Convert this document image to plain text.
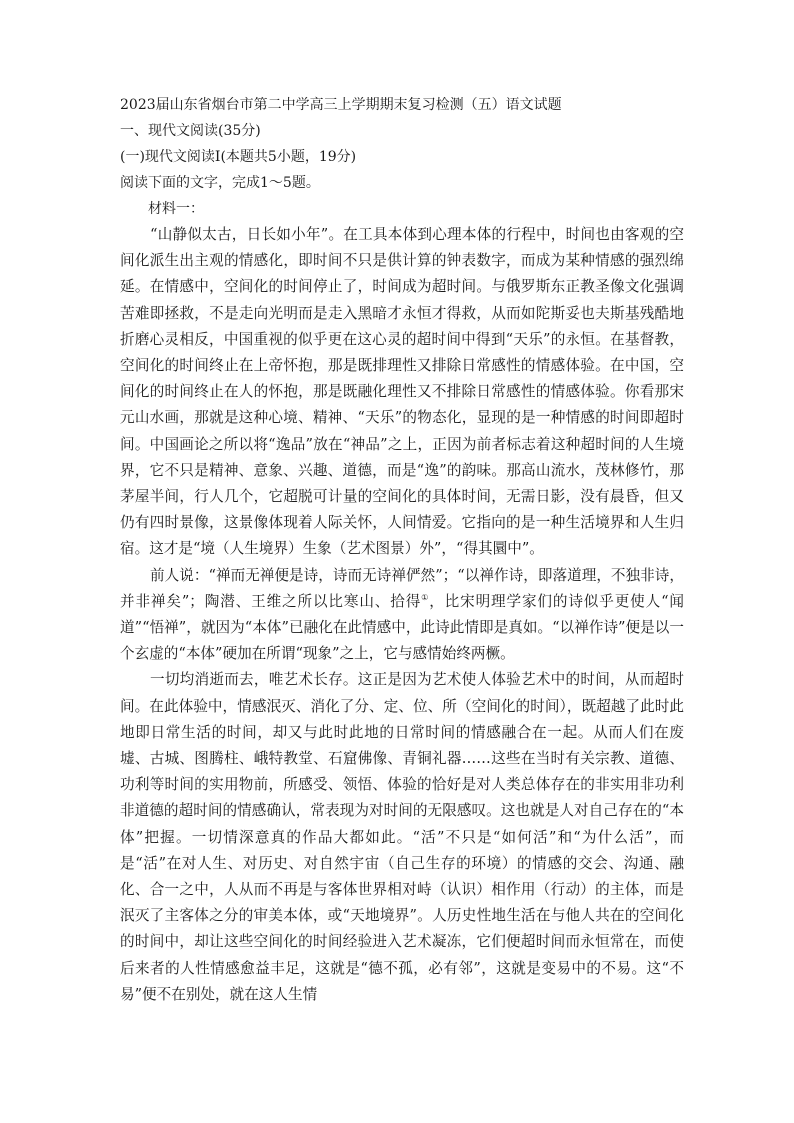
2023届山东省烟台市第二中学高三上学期期末复习检测（五）语文试题

一、现代文阅读(35分)

(一)现代文阅读Ⅰ(本题共5小题，19分)

阅读下面的文字，完成1～5题。

材料一：

“山静似太古，日长如小年”。在工具本体到心理本体的行程中，时间也由客观的空间化派生出主观的情感化，即时间不只是供计算的钟表数字，而成为某种情感的强烈绵延。在情感中，空间化的时间停止了，时间成为超时间。与俄罗斯东正教圣像文化强调苦难即拯救，不是走向光明而是走入黑暗才永恒才得救，从而如陀斯妥也夫斯基残酷地折磨心灵相反，中国重视的似乎更在这心灵的超时间中得到“天乐”的永恒。在基督教，空间化的时间终止在上帝怀抱，那是既排理性又排除日常感性的情感体验。在中国，空间化的时间终止在人的怀抱，那是既融化理性又不排除日常感性的情感体验。你看那宋元山水画，那就是这种心境、精神、“天乐”的物态化，显现的是一种情感的时间即超时间。中国画论之所以将“逸品”放在“神品”之上，正因为前者标志着这种超时间的人生境界，它不只是精神、意象、兴趣、道德，而是“逸”的韵味。那高山流水，茂林修竹，那茅屋半间，行人几个，它超脱可计量的空间化的具体时间，无需日影，没有晨昏，但又仍有四时景像，这景像体现着人际关怀，人间情爱。它指向的是一种生活境界和人生归宿。这才是“境（人生境界）生象（艺术图景）外”，“得其圜中”。

前人说：“禅而无禅便是诗，诗而无诗禅俨然”；“以禅作诗，即落道理，不独非诗，并非禅矣”；陶潜、王维之所以比寒山、拾得①，比宋明理学家们的诗似乎更使人“闻道”“悟禅”，就因为“本体”已融化在此情感中，此诗此情即是真如。“以禅作诗”便是以一个玄虚的“本体”硬加在所谓“现象”之上，它与感情始终两橛。

一切均消逝而去，唯艺术长存。这正是因为艺术使人体验艺术中的时间，从而超时间。在此体验中，情感泯灭、消化了分、定、位、所（空间化的时间），既超越了此时此地即日常生活的时间，却又与此时此地的日常时间的情感融合在一起。从而人们在废墟、古城、图腾柱、峨特教堂、石窟佛像、青铜礼器……这些在当时有关宗教、道德、功利等时间的实用物前，所感受、领悟、体验的恰好是对人类总体存在的非实用非功利非道德的超时间的情感确认，常表现为对时间的无限感叹。这也就是人对自己存在的“本体”把握。一切情深意真的作品大都如此。“活”不只是“如何活”和“为什么活”，而是“活”在对人生、对历史、对自然宇宙（自己生存的环境）的情感的交会、沟通、融化、合一之中，人从而不再是与客体世界相对峙（认识）相作用（行动）的主体，而是泯灭了主客体之分的审美本体，或“天地境界”。人历史性地生活在与他人共在的空间化的时间中，却让这些空间化的时间经验进入艺术凝冻，它们便超时间而永恒常在，而使后来者的人性情感愈益丰足，这就是“德不孤，必有邻”，这就是变易中的不易。这“不易”便不在别处，就在这人生情
